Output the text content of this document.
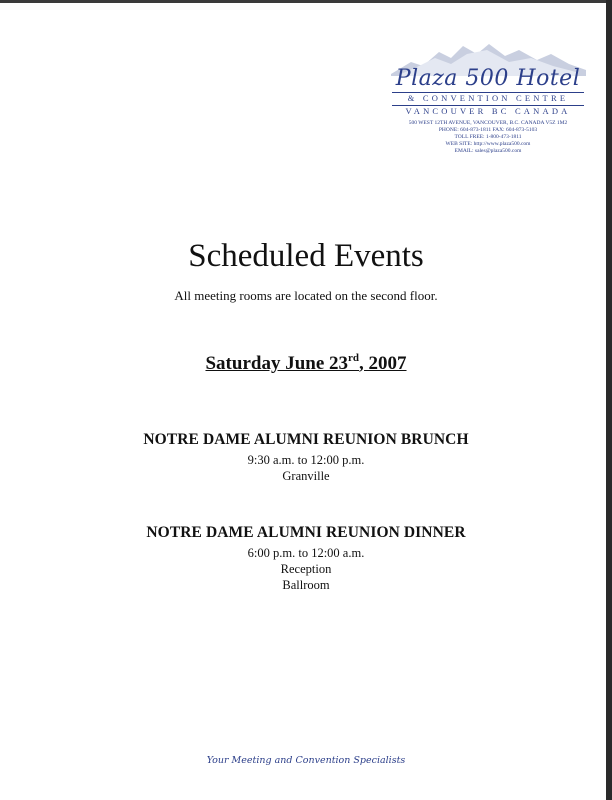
Plaza 500 Hotel
& CONVENTION CENTRE
VANCOUVER BC CANADA
500 WEST 12TH AVENUE, VANCOUVER, B.C. CANADA V5Z 1M2
PHONE: 604-873-1811 FAX: 604-873-5103
TOLL FREE: 1-800-473-1811
WEB SITE: http://www.plaza500.com
EMAIL: sales@plaza500.com
Scheduled Events
All meeting rooms are located on the second floor.
Saturday June 23rd, 2007
NOTRE DAME ALUMNI REUNION BRUNCH
9:30 a.m. to 12:00 p.m.
Granville
NOTRE DAME ALUMNI REUNION DINNER
6:00 p.m. to 12:00 a.m.
Reception
Ballroom
Your Meeting and Convention Specialists
